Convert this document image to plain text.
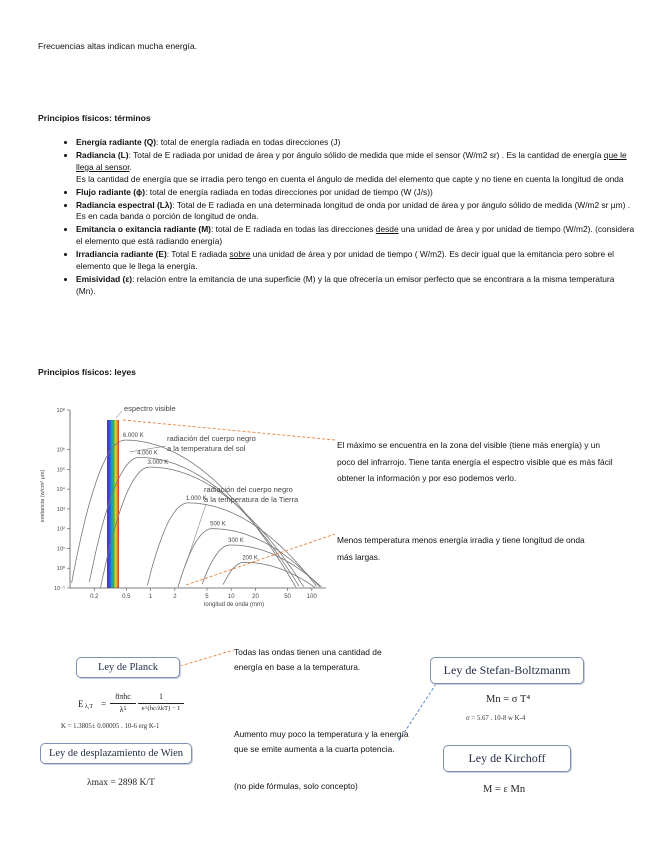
Frecuencias altas indican mucha energía.
Principios físicos: términos
• Energía radiante (Q): total de energía radiada en todas direcciones (J)
• Radiancia (L): Total de E radiada por unidad de área y por ángulo sólido de medida que mide el sensor (W/m2 sr) . Es la cantidad de energía que le llega al sensor.
Es la cantidad de energía que se irradia pero tengo en cuenta el ángulo de medida del elemento que capte y no tiene en cuenta la longitud de onda
• Flujo radiante (ϕ): total de energía radiada en todas direcciones por unidad de tiempo (W (J/s))
• Radiancia espectral (Lλ): Total de E radiada en una determinada longitud de onda por unidad de área y por ángulo sólido de medida (W/m2 sr µm) . Es en cada banda o porción de longitud de onda.
• Emitancia o exitancia radiante (M): total de E radiada en todas las direcciones desde una unidad de área y por unidad de tiempo (W/m2). (considera el elemento que está radiando energía)
• Irradiancia radiante (E): Total E radiada sobre una unidad de área y por unidad de tiempo ( W/m2). Es decir igual que la emitancia pero sobre el elemento que le llega la energía.
• Emisividad (ε): relación entre la emitancia de una superficie (M) y la que ofrecería un emisor perfecto que se encontrara a la misma temperatura (Mn).
Principios físicos: leyes
10⁸
10⁶
10⁵
10⁴
10³
10²
10¹
10⁰
10⁻¹
0.2	0.5	1	2	5	10	20	50	100
6.000 K
4.000 K
3.000 K
1.000 K
500 K
300 K
200 K
emitancia (w/cm² µm)
longitud de onda (mm)
espectro visible
radiación del cuerpo negro
a la temperatura del sol
radiación del cuerpo negro
a la temperatura de la Tierra
El máximo se encuentra en la zona del visible (tiene más energía) y un poco del infrarrojo. Tiene tanta energía el espectro visible que es más fácil obtener la información y por eso podemos verlo.
Menos temperatura menos energía irradia y tiene longitud de onda más largas.
Ley de Planck
Todas las ondas tienen una cantidad de energía en base a la temperatura.
E λ,T =
8πhc
λ⁵
1
e^(hc/λkT) − 1
K = 1.3805± 0.00005 . 10-6 erg K-1
Ley de desplazamiento de Wien
λmax = 2898 K/T
Aumento muy poco la temperatura y la energía que se emite aumenta a la cuarta potencia.
(no pide fórmulas, solo concepto)
Ley de Stefan-Boltzmanm
Mn = σ T⁴
σ = 5.67 . 10-8 w K-4
Ley de Kirchoff
M = ε Mn
